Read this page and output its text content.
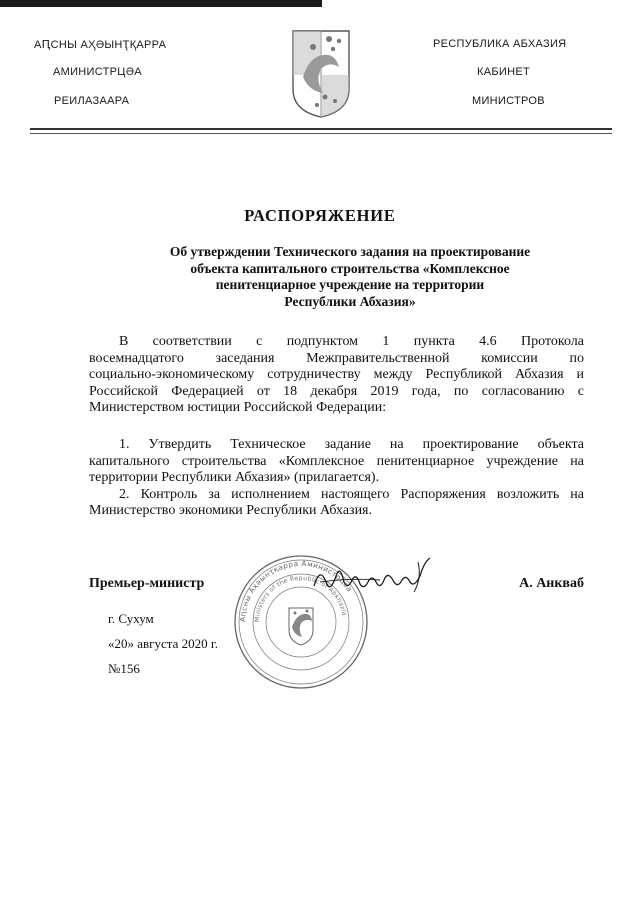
АԤСНЫ АҲӘЫНҬҚАРРА
АМИНИСТРЦӘА
РЕИЛАЗААРА
РЕСПУБЛИКА АБХАЗИЯ
КАБИНЕТ
МИНИСТРОВ
РАСПОРЯЖЕНИЕ
Об утверждении Технического задания на проектирование
объекта капитального строительства «Комплексное
пенитенциарное учреждение на территории
Республики Абхазия»
В соответствии с подпунктом 1 пункта 4.6 Протокола
восемнадцатого заседания Межправительственной комиссии по
социально-экономическому сотрудничеству между Республикой Абхазия и
Российской Федерацией от 18 декабря 2019 года, по согласованию с
Министерством юстиции Российской Федерации:
1. Утвердить Техническое задание на проектирование объекта
капитального строительства «Комплексное пенитенциарное учреждение на
территории Республики Абхазия» (прилагается).
2. Контроль за исполнением настоящего Распоряжения возложить на
Министерство экономики Республики Абхазия.
Аԥсны Аҳәынҭқарра Аминистрцәа
Ministers of the Republic of Abkhazia
Премьер-министр	А. Анкваб
г. Сухум
«20» августа 2020 г.
№156
